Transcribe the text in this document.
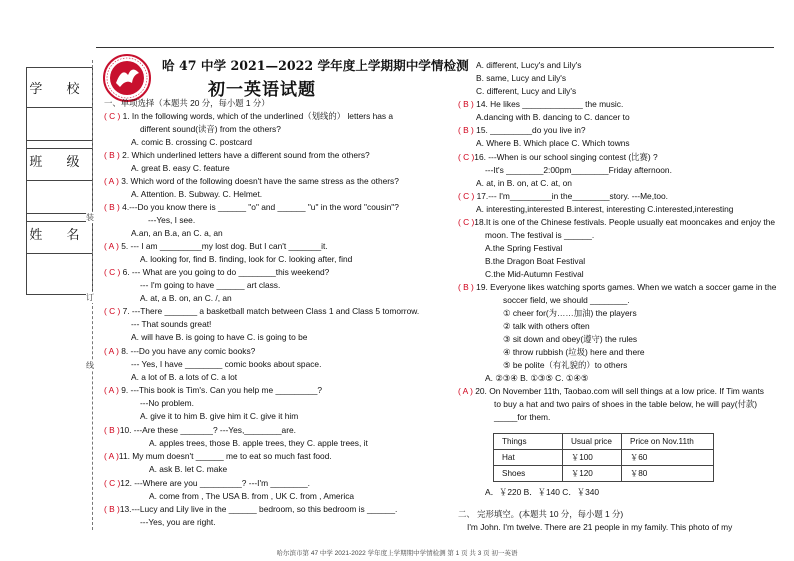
学 校
班 级
姓 名
装
订
线
哈 47 中学 2021—2022 学年度上学期期中学情检测
初一英语试题
一、单项选择（本题共 20 分，每小题 1 分）
( C ) 1. In the following words, which of the underlined（划线的） letters has a
different sound(读音) from the others?
A. comic B. crossing C. postcard
( B ) 2. Which underlined letters have a different sound from the others?
A. great B. easy C. feature
( A ) 3. Which word of the following doesn't have the same stress as the others?
A. Attention. B. Subway. C. Helmet.
( B ) 4.---Do you know there is ______ "o" and ______ "u" in the word "cousin"?
---Yes, I see.
A.an, an B.a, an C. a, an
( A ) 5. --- I am _________my lost dog. But I can't _______it.
A. looking for, find B. finding, look for C. looking after, find
( C ) 6. --- What are you going to do ________this weekend?
--- I'm going to have ______ art class.
A. at, a B. on, an C. /, an
( C ) 7. ---There _______ a basketball match between Class 1 and Class 5 tomorrow.
--- That sounds great!
A. will have B. is going to have C. is going to be
( A ) 8. ---Do you have any comic books?
--- Yes, I have ________ comic books about space.
A. a lot of B. a lots of C. a lot
( A ) 9. ---This book is Tim's. Can you help me _________?
---No problem.
A. give it to him B. give him it C. give it him
( B )10. ---Are these _______? ---Yes,________are.
A. apples trees, those B. apple trees, they C. apple trees, it
( A )11. My mum doesn't ______ me to eat so much fast food.
A. ask B. let C. make
( C )12. ---Where are you _________? ---I'm ________.
A. come from , The USA B. from , UK C. from , America
( B )13.---Lucy and Lily live in the ______ bedroom, so this bedroom is ______.
---Yes, you are right.
A. different, Lucy's and Lily's
B. same, Lucy and Lily's
C. different, Lucy and Lily's
( B ) 14. He likes _____________ the music.
A.dancing with B. dancing to C. dancer to
( B ) 15. _________do you live in?
A. Where B. Which place C. Which towns
( C )16. ---When is our school singing contest (比赛) ?
---It's ________2:00pm________Friday afternoon.
A. at, in B. on, at C. at, on
( C ) 17.--- I'm_________in the________story. ---Me,too.
A. interesting,interested B.interest, interesting C.interested,interesting
( C )18.It is one of the Chinese festivals. People usually eat mooncakes and enjoy the
moon. The festival is ______.
A.the Spring Festival
B.the Dragon Boat Festival
C.the Mid-Autumn Festival
( B ) 19. Everyone likes watching sports games. When we watch a soccer game in the
soccer field, we should ________.
① cheer for(为……加油) the players
② talk with others often
③ sit down and obey(遵守) the rules
④ throw rubbish (垃圾) here and there
⑤ be polite（有礼貌的）to others
A. ②③④ B. ①③⑤ C. ①④⑤
( A ) 20. On November 11th, Taobao.com will sell things at a low price. If Tim wants
to buy a hat and two pairs of shoes in the table below, he will pay(付款)
_____for them.
A．￥220 B．￥140 C．￥340
二、 完形填空。(本题共 10 分，每小题 1 分)
I'm John. I'm twelve. There are 21 people in my family. This photo of my
Things	Usual price	Price on Nov.11th
Hat	￥100	￥60
Shoes	￥120	￥80
哈尔滨市第 47 中学 2021-2022 学年度上学期期中学情检测 第 1 页 共 3 页 初一英语
